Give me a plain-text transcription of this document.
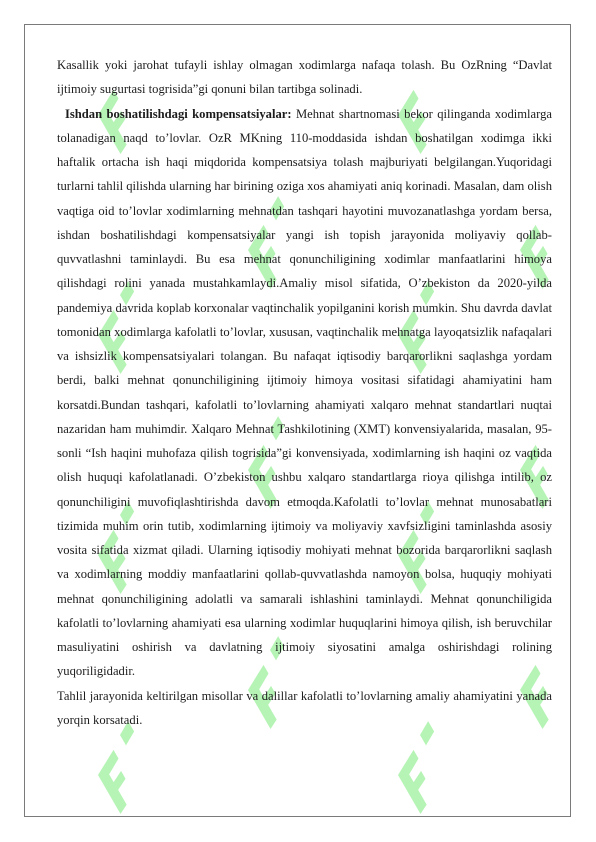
Kasallik yoki jarohat tufayli ishlay olmagan xodimlarga nafaqa tolash. Bu OzRning “Davlat ijtimoiy sugurtasi togrisida”gi qonuni bilan tartibga solinadi.

Ishdan boshatilishdagi kompensatsiyalar: Mehnat shartnomasi bekor qilinganda xodimlarga tolanadigan naqd to’lovlar. OzR MKning 110-moddasida ishdan boshatilgan xodimga ikki haftalik ortacha ish haqi miqdorida kompensatsiya tolash majburiyati belgilangan.Yuqoridagi turlarni tahlil qilishda ularning har birining oziga xos ahamiyati aniq korinadi. Masalan, dam olish vaqtiga oid to’lovlar xodimlarning mehnatdan tashqari hayotini muvozanatlashga yordam bersa, ishdan boshatilishdagi kompensatsiyalar yangi ish topish jarayonida moliyaviy qollab-quvvatlashni taminlaydi. Bu esa mehnat qonunchiligining xodimlar manfaatlarini himoya qilishdagi rolini yanada mustahkamlaydi.Amaliy misol sifatida, O’zbekiston da 2020-yilda pandemiya davrida koplab korxonalar vaqtinchalik yopilganini korish mumkin. Shu davrda davlat tomonidan xodimlarga kafolatli to’lovlar, xususan, vaqtinchalik mehnatga layoqatsizlik nafaqalari va ishsizlik kompensatsiyalari tolangan. Bu nafaqat iqtisodiy barqarorlikni saqlashga yordam berdi, balki mehnat qonunchiligining ijtimoiy himoya vositasi sifatidagi ahamiyatini ham korsatdi.Bundan tashqari, kafolatli to’lovlarning ahamiyati xalqaro mehnat standartlari nuqtai nazaridan ham muhimdir. Xalqaro Mehnat Tashkilotining (XMT) konvensiyalarida, masalan, 95-sonli “Ish haqini muhofaza qilish togrisida”gi konvensiyada, xodimlarning ish haqini oz vaqtida olish huquqi kafolatlanadi. O’zbekiston ushbu xalqaro standartlarga rioya qilishga intilib, oz qonunchiligini muvofiqlashtirishda davom etmoqda.Kafolatli to’lovlar mehnat munosabatlari tizimida muhim orin tutib, xodimlarning ijtimoiy va moliyaviy xavfsizligini taminlashda asosiy vosita sifatida xizmat qiladi. Ularning iqtisodiy mohiyati mehnat bozorida barqarorlikni saqlash va xodimlarning moddiy manfaatlarini qollab-quvvatlashda namoyon bolsa, huquqiy mohiyati mehnat qonunchiligining adolatli va samarali ishlashini taminlaydi. Mehnat qonunchiligida kafolatli to’lovlarning ahamiyati esa ularning xodimlar huquqlarini himoya qilish, ish beruvchilar masuliyatini oshirish va davlatning ijtimoiy siyosatini amalga oshirishdagi rolining yuqoriligidadir.

Tahlil jarayonida keltirilgan misollar va dalillar kafolatli to’lovlarning amaliy ahamiyatini yanada yorqin korsatadi.
